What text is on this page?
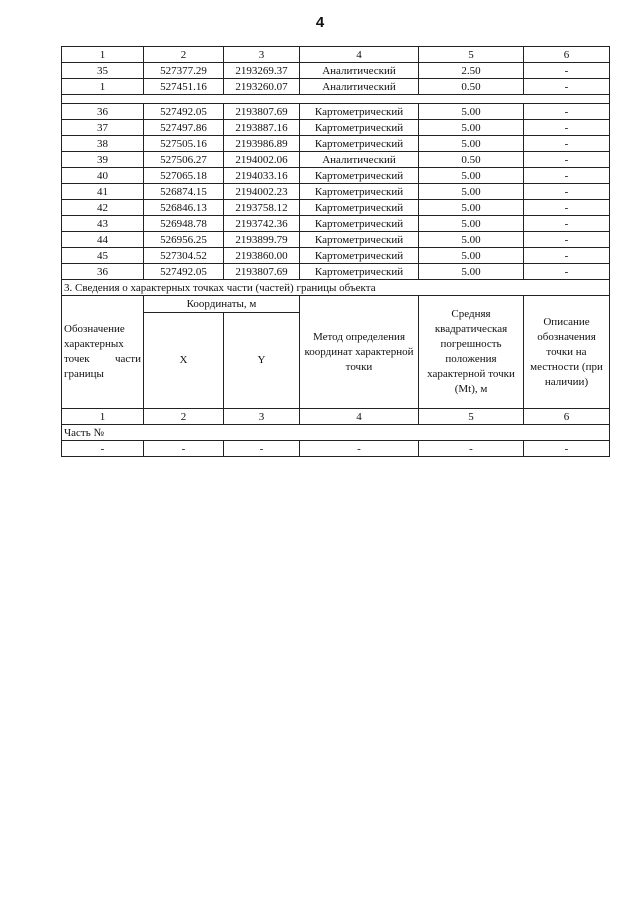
4
1	2	3	4	5	6
35	527377.29	2193269.37	Аналитический	2.50	-
1	527451.16	2193260.07	Аналитический	0.50	-

36	527492.05	2193807.69	Картометрический	5.00	-
37	527497.86	2193887.16	Картометрический	5.00	-
38	527505.16	2193986.89	Картометрический	5.00	-
39	527506.27	2194002.06	Аналитический	0.50	-
40	527065.18	2194033.16	Картометрический	5.00	-
41	526874.15	2194002.23	Картометрический	5.00	-
42	526846.13	2193758.12	Картометрический	5.00	-
43	526948.78	2193742.36	Картометрический	5.00	-
44	526956.25	2193899.79	Картометрический	5.00	-
45	527304.52	2193860.00	Картометрический	5.00	-
36	527492.05	2193807.69	Картометрический	5.00	-
3. Сведения о характерных точках части (частей) границы объекта					
Обозначение характерных точек части границы	Координаты, м		Метод определения координат характерной точки	Средняя квадратическая погрешность положения характерной точки (Mt), м	Описание обозначения точки на местности (при наличии)
	X	Y			
1	2	3	4	5	6
Часть №					
-	-	-	-	-	-
